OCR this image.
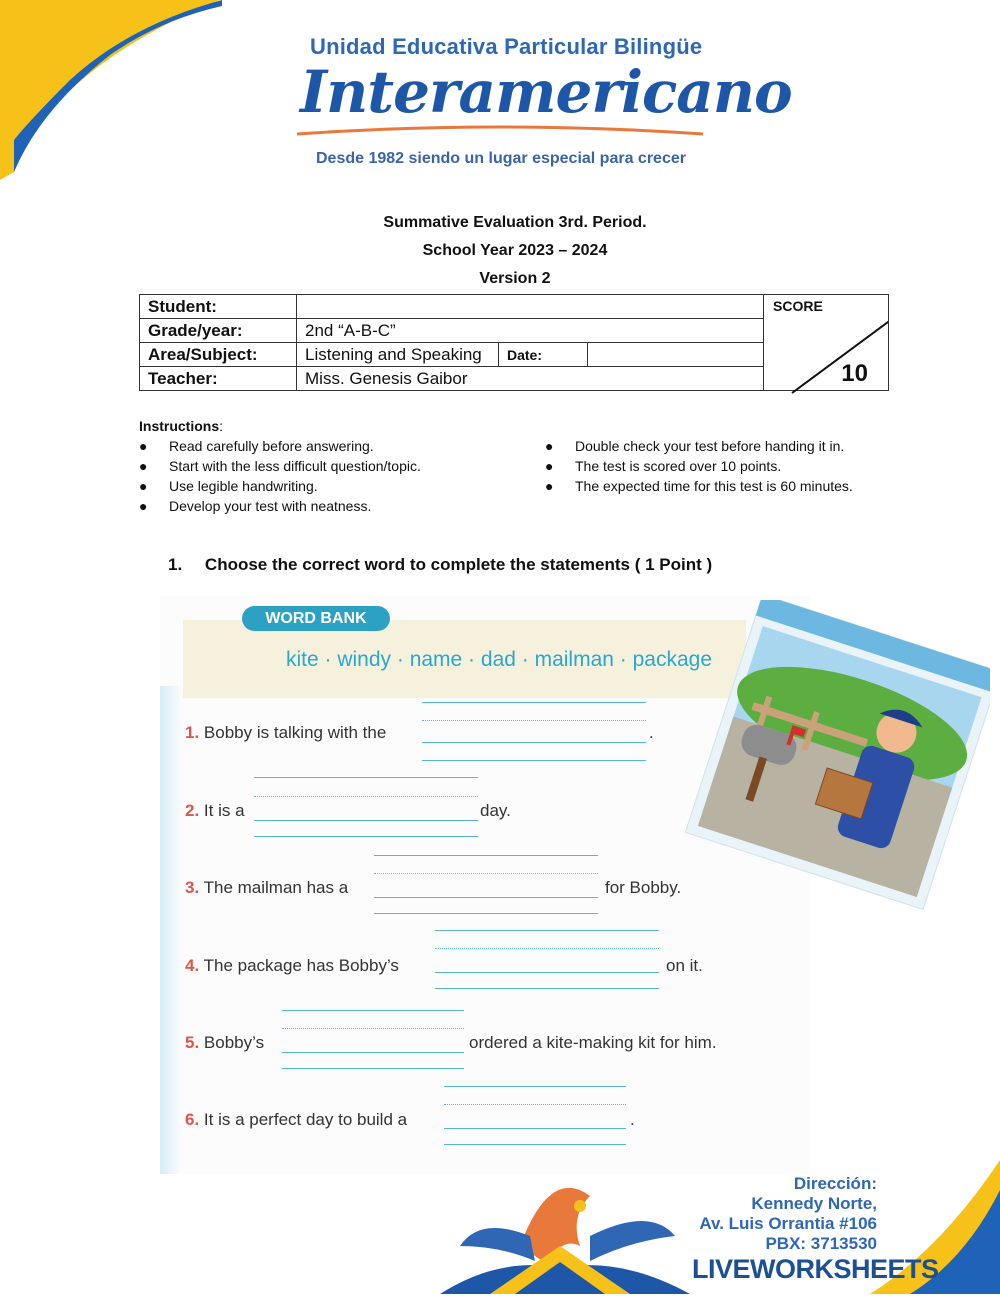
Unidad Educativa Particular Bilingüe
Interamericano
Desde 1982 siendo un lugar especial para crecer
Summative Evaluation 3rd. Period.
School Year 2023 – 2024
Version 2
Student:				SCORE
10

Grade/year:	2nd “A-B-C”			
Area/Subject:	Listening and Speaking	Date:		
Teacher:	Miss. Genesis Gaibor			
Instructions:
● Read carefully before answering.
● Start with the less difficult question/topic.
● Use legible handwriting.
● Develop your test with neatness.
● Double check your test before handing it in.
● The test is scored over 10 points.
● The expected time for this test is 60 minutes.
1. Choose the correct word to complete the statements ( 1 Point )
WORD BANK
kite · windy · name · dad · mailman · package
1. Bobby is talking with the	.
2. It is a	day.
3. The mailman has a	for Bobby.
4. The package has Bobby’s	on it.
5. Bobby’s	ordered a kite-making kit for him.
6. It is a perfect day to build a	.
Dirección:
Kennedy Norte,
Av. Luis Orrantia #106
PBX: 3713530
LIVEWORKSHEETS
